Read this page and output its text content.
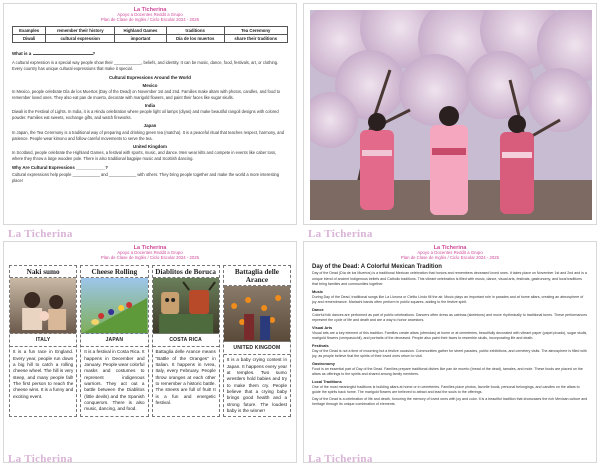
La Ticherina
Apoyo a Docentes Reddit a Grupo
Plan de Clase de Inglés / Ciclo Escolar 2024 - 2025
Examples	remember their history	Highland Games	traditions	Tea Ceremony
Diwali	cultural expression	important	Día de los muertos	share their traditions
What is a	?

A cultural expression is a special way people show their ____________, beliefs, and identity. It can be music, dance, food, festivals, art, or clothing. Every country has unique cultural expressions that make it special.

Cultural Expressions Around the World
Mexico

In Mexico, people celebrate Día de los Muertos (Day of the Dead) on November 1st and 2nd. Families make altars with photos, candles, and food to remember loved ones. They also eat pan de muerto, decorate with marigold flowers, and paint their faces like sugar skulls.

India

Diwali is the Festival of Lights. In India, it is a Hindu celebration where people light oil lamps (diyas) and make beautiful rangoli designs with colored powder. Families eat sweets, exchange gifts, and watch fireworks.

Japan

In Japan, the Tea Ceremony is a traditional way of preparing and drinking green tea (matcha). It is a peaceful ritual that teaches respect, harmony, and patience. People wear kimono and follow careful movements to serve the tea.

United Kingdom

In Scotland, people celebrate the Highland Games, a festival with sports, music, and dance. Men wear kilts and compete in events like caber toss, where they throw a large wooden pole. There is also traditional bagpipe music and Scottish dancing.

Why Are Cultural Expressions ____________?

Cultural expressions help people ____________ and ____________ with others. They bring people together and make the world a more interesting place!

La Ticherina	La Ticherina
La Ticherina
Apoyo a Docentes Reddit a Grupo
Plan de Clase de Inglés / Ciclo Escolar 2024 - 2025
Naki sumo
ITALY
It is a fun race in England. Every year, people run down a big hill to catch a rolling cheese wheel. The hill is very steep, and many people fall! The first person to reach the cheese wins. It is a funny and exciting event.
Cheese Rolling
JAPAN
It is a festival in Costa Rica. It happens in December and January. People wear colorful masks and costumes to represent indigenous warriors. They act out a battle between the Diablitos (little devils) and the Spanish conquerors. There is also music, dancing, and food.
Diablitos de Boruca
COSTA RICA
Battaglia delle Arance means "Battle of the Oranges" in Italian. It happens in Ivrea, Italy, every February. People throw oranges at each other to remember a historic battle. The streets are full of fruit! It is a fun and energetic festival.
Battaglia delle Arance
UNITED KINGDOM
It is a baby crying contest in Japan. It happens every year at temples. Two sumo wrestlers hold babies and try to make them cry. People believe that a crying baby brings good health and a strong future. The loudest baby is the winner!
La Ticherina
La Ticherina
Apoyo a Docentes Reddit a Grupo
Plan de Clase de Inglés / Ciclo Escolar 2024 - 2025
Day of the Dead: A Colorful Mexican Tradition

Day of the Dead (Día de los Muertos) is a traditional Mexican celebration that honors and remembers deceased loved ones. It takes place on November 1st and 2nd and is a unique blend of ancient Indigenous beliefs and Catholic traditions. This vibrant celebration is filled with music, dance, visual arts, festivals, gastronomy, and local traditions that bring families and communities together.

Music

During Day of the Dead, traditional songs like La Llorona or Cielito Lindo fill the air. Music plays an important role in parades and at home altars, creating an atmosphere of joy and remembrance. Mariachi bands often perform in public squares, adding to the festive spirit.

Dance

Colorful folk dances are performed as part of public celebrations. Dancers often dress as catrinas (skeletons) and move rhythmically to traditional tunes. These performances represent the cycle of life and death and are a way to honor ancestors.

Visual Arts

Visual arts are a key element of this tradition. Families create altars (ofrendas) at home or at cemeteries, beautifully decorated with vibrant paper (papel picado), sugar skulls, marigold flowers (cempasúchil), and portraits of the deceased. People also paint their faces to resemble skulls, incorporating life and death.

Festivals

Day of the Dead is not a time of mourning but a festive occasion. Communities gather for street parades, public exhibitions, and cemetery visits. The atmosphere is filled with joy, as people believe that the spirits of their loved ones return to visit.

Gastronomy

Food is an essential part of Day of the Dead. Families prepare traditional dishes like pan de muerto (bread of the dead), tamales, and mole. These foods are placed on the altars as offerings to the spirits and shared among family members.

Local Traditions

One of the most meaningful traditions is building altars at home or in cemeteries. Families place photos, favorite foods, personal belongings, and candles on the altars to guide the spirits back home. The marigold flowers are believed to attract and lead the souls to the offerings.

Day of the Dead is a celebration of life and death, honoring the memory of loved ones with joy and color. It is a beautiful tradition that showcases the rich Mexican culture and heritage through its unique combination of elements.

La Ticherina
